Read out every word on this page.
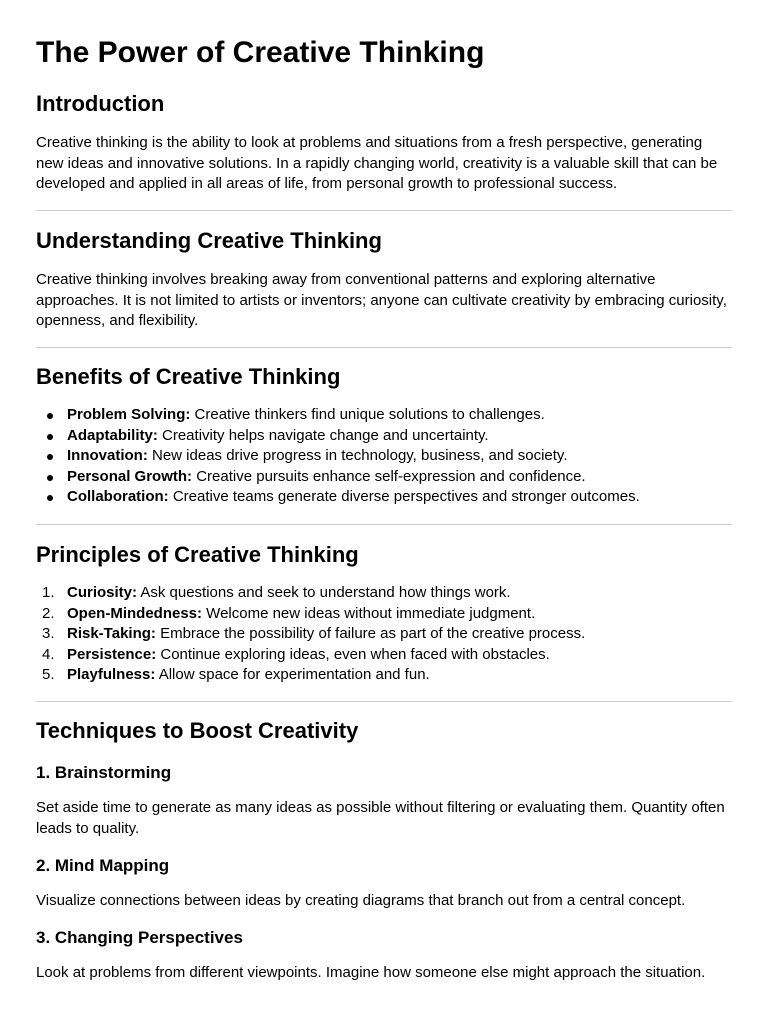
The Power of Creative Thinking
Introduction

Creative thinking is the ability to look at problems and situations from a fresh perspective, generating new ideas and innovative solutions. In a rapidly changing world, creativity is a valuable skill that can be developed and applied in all areas of life, from personal growth to professional success.

Understanding Creative Thinking

Creative thinking involves breaking away from conventional patterns and exploring alternative approaches. It is not limited to artists or inventors; anyone can cultivate creativity by embracing curiosity, openness, and flexibility.

Benefits of Creative Thinking
Problem Solving: Creative thinkers find unique solutions to challenges.
Adaptability: Creativity helps navigate change and uncertainty.
Innovation: New ideas drive progress in technology, business, and society.
Personal Growth: Creative pursuits enhance self-expression and confidence.
Collaboration: Creative teams generate diverse perspectives and stronger outcomes.
Principles of Creative Thinking
1. Curiosity: Ask questions and seek to understand how things work.
2. Open-Mindedness: Welcome new ideas without immediate judgment.
3. Risk-Taking: Embrace the possibility of failure as part of the creative process.
4. Persistence: Continue exploring ideas, even when faced with obstacles.
5. Playfulness: Allow space for experimentation and fun.
Techniques to Boost Creativity
1. Brainstorming

Set aside time to generate as many ideas as possible without filtering or evaluating them. Quantity often leads to quality.

2. Mind Mapping

Visualize connections between ideas by creating diagrams that branch out from a central concept.

3. Changing Perspectives

Look at problems from different viewpoints. Imagine how someone else might approach the situation.
